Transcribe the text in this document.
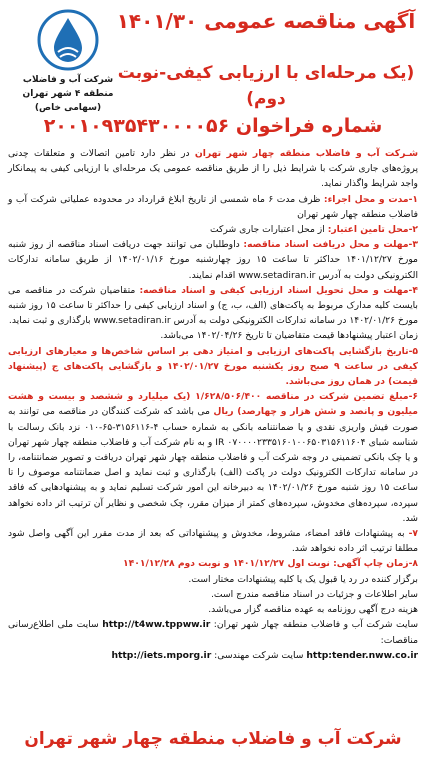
شرکت آب و فاضلاب
منطقه ۴ شهر تهران
(سهامی خاص)
آگهی مناقصه عمومی ۱۴۰۱/۳۰
(یک مرحله‌ای با ارزیابی کیفی-نوبت دوم)
شماره فراخوان ۲۰۰۱۰۹۳۵۴۳۰۰۰۰۵۶

شـرکت آب و فاضلاب منطقه چهار شهر تهران در نظر دارد تامین اتصالات و متعلقات چدنی پروژه‌های جاری شرکت با شرایط ذیل را از طریق مناقصه عمومی یک مرحله‌ای با ارزیابی کیفی به پیمانکار واجد شرایط واگذار نماید.

۱-مدت و محل اجراء: ظرف مدت ۶ ماه شمسی از تاریخ ابلاغ قرارداد در محدوده عملیاتی شرکت آب و فاضلاب منطقه چهار شهر تهران

۲-محل تامین اعتبار: از محل اعتبارات جاری شرکت

۳-مهلت و محل دریافت اسناد مناقصه: داوطلبان می توانند جهت دریافت اسناد مناقصه از روز شنبه مورخ ۱۴۰۱/۱۲/۲۷ حداکثر تا ساعت ۱۵ روز چهارشنبه مورخ ۱۴۰۲/۰۱/۱۶ از طریق سامانه تدارکات الکترونیکی دولت به آدرس www.setadiran.ir اقدام نمایند.

۴-مهلت و محل تحویل اسناد ارزیابی کیفی و اسناد مناقصه: متقاضیان شرکت در مناقصه می بایست کلیه مدارک مربوط به پاکت‌های (الف، ب، ج) و اسناد ارزیابی کیفی را حداکثر تا ساعت ۱۵ روز شنبه مورخ ۱۴۰۲/۰۱/۲۶ در سامانه تدارکات الکترونیکی دولت به آدرس www.setadiran.ir بارگذاری و ثبت نماید.

زمان اعتبار پیشنهادها قیمت متقاضیان تا تاریخ ۱۴۰۲/۰۴/۲۶ می‌باشد.

۵-تاریخ بازگشایی پاکت‌های ارزیابی و امتیاز دهی بر اساس شاخص‌ها و معیارهای ارزیابی کیفی در ساعت ۹ صبح روز یکشنبه مورخ ۱۴۰۲/۰۱/۲۷ و بازگشایی پاکت‌های ج (پیشنهاد قیمت) در همان روز می‌باشد.

۶-مبلغ تضمین شرکت در مناقصه ۱/۶۲۸/۵۰۶/۴۰۰ (یک میلیارد و ششصد و بیست و هشت میلیون و پانصد و شش هزار و چهارصد) ریال می باشد که شرکت کنندگان در مناقصه می توانند به صورت فیش واریزی نقدی و یا ضمانتنامه بانکی به شماره حساب ۴-۳۱۵۶۱۱۶-۶۵-۰۱۰ نزد بانک رسالت با شناسه شبای IR ۰۷۰۰۰۰۲۳۳۵۱۶۰۱۰۰۶۵۰۳۱۵۶۱۱۶۰۴ و به نام شرکت آب و فاضلاب منطقه چهار شهر تهران و یا چک بانکی تضمینی در وجه شرکت آب و فاضلاب منطقه چهار شهر تهران دریافت و تصویر ضمانتنامه، را در سامانه تدارکات الکترونیک دولت در پاکت (الف) بارگذاری و ثبت نماید و اصل ضمانتنامه موصوف را تا ساعت ۱۵ روز شنبه مورخ ۱۴۰۲/۰۱/۲۶ به دبیرخانه این امور شرکت تسلیم نماید و به پیشنهادهایی که فاقد سپرده، سپرده‌های مخدوش، سپرده‌های کمتر از میزان مقرر، چک شخصی و نظایر آن ترتیب اثر داده نخواهد شد.

۷- به پیشنهادات فاقد امضاء، مشروط، مخدوش و پیشنهاداتی که بعد از مدت مقرر این آگهی واصل شود مطلقا ترتیب اثر داده نخواهد شد.

۸-زمان چاپ آگهی: نوبت اول ۱۴۰۱/۱۲/۲۷ و نوبت دوم ۱۴۰۱/۱۲/۲۸

برگزار کننده در رد یا قبول یک یا کلیه پیشنهادات مختار است.

سایر اطلاعات و جزئیات در اسناد مناقصه مندرج است.

هزینه درج آگهی روزنامه به عهده مناقصه گزار می‌باشد.

سایت شرکت آب و فاضلاب منطقه چهار شهر تهران: http://t4ww.tppww.ir سایت ملی اطلاع‌رسانی مناقصات:

http:tender.nww.co.ir سایت شرکت مهندسی: http://iets.mporg.ir

شرکت آب و فاضلاب منطقه چهار شهر تهران
